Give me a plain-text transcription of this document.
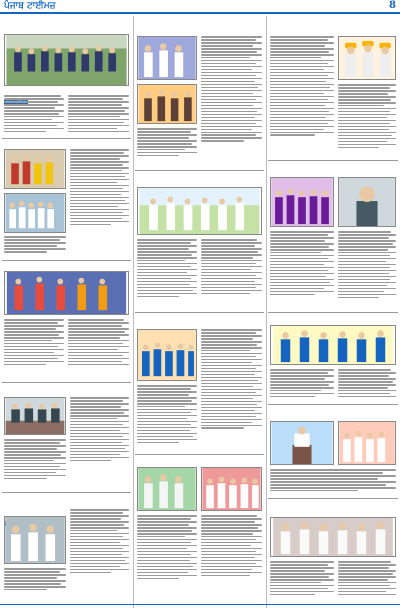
ਪੰਜਾਬ ਟਾਈਮਜ਼	8
